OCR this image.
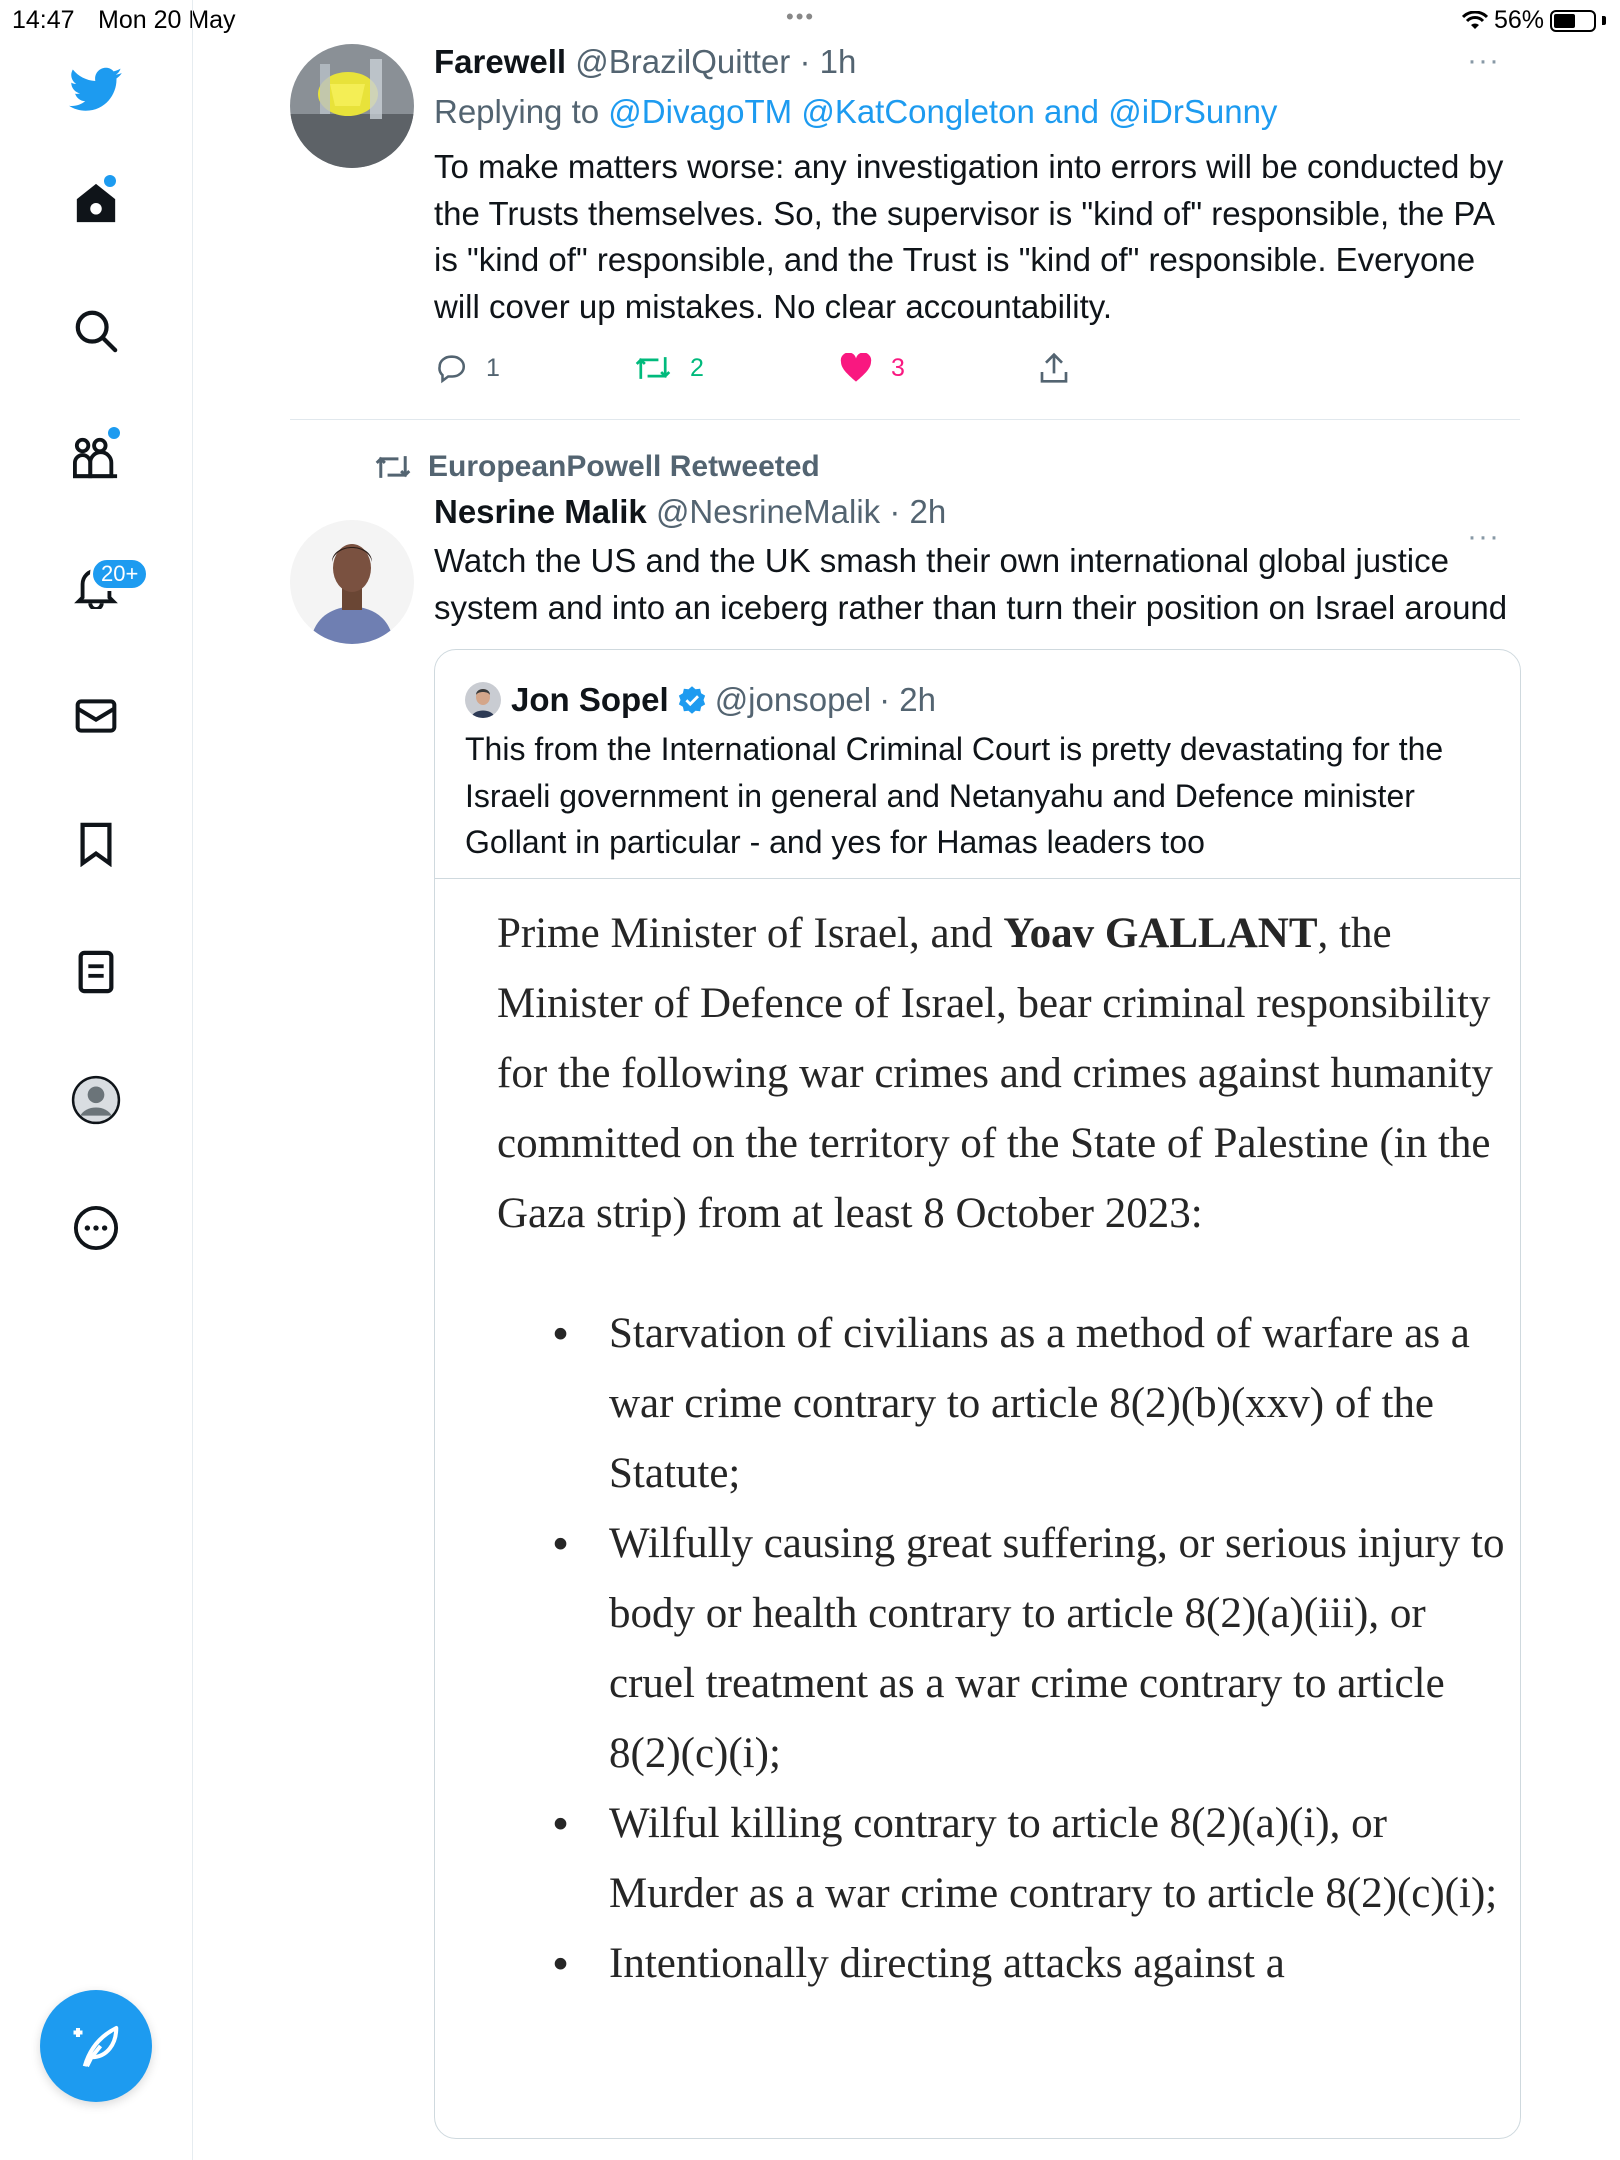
14:47 Mon 20 May	•••	56%
20+
Farewell @BrazilQuitter · 1h	···
Replying to @DivagoTM @KatCongleton and @iDrSunny
To make matters worse: any investigation into errors will be conducted by the Trusts themselves. So, the supervisor is "kind of" responsible, the PA is "kind of" responsible, and the Trust is "kind of" responsible. Everyone will cover up mistakes. No clear accountability.
1	2	3
EuropeanPowell Retweeted
Nesrine Malik @NesrineMalik · 2h
···
Watch the US and the UK smash their own international global justice system and into an iceberg rather than turn their position on Israel around
Jon Sopel @jonsopel · 2h
This from the International Criminal Court is pretty devastating for the Israeli government in general and Netanyahu and Defence minister Gollant in particular - and yes for Hamas leaders too
Prime Minister of Israel, and Yoav GALLANT, the Minister of Defence of Israel, bear criminal responsibility for the following war crimes and crimes against humanity committed on the territory of the State of Palestine (in the Gaza strip) from at least 8 October 2023:
• Starvation of civilians as a method of warfare as a war crime contrary to article 8(2)(b)(xxv) of the Statute;
• Wilfully causing great suffering, or serious injury to body or health contrary to article 8(2)(a)(iii), or cruel treatment as a war crime contrary to article 8(2)(c)(i);
• Wilful killing contrary to article 8(2)(a)(i), or Murder as a war crime contrary to article 8(2)(c)(i);
• Intentionally directing attacks against a
